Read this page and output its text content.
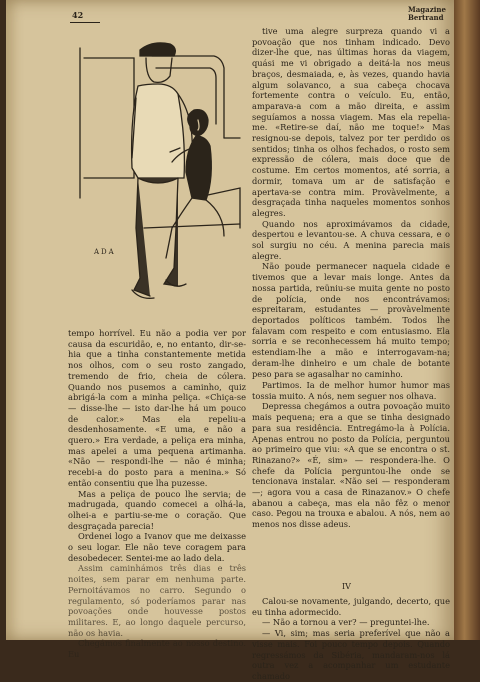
42
Magazine Bertrand
ADA

tive uma alegre surpreza quando vi a povoação que nos tinham indicado. Devo dizer-lhe que, nas últimas horas da viagem, quási me vi obrigado a deitá-la nos meus braços, desmaiada, e, às vezes, quando havia algum solavanco, a sua cabeça chocava fortemente contra o veículo. Eu, então, amparava-a com a mão direita, e assim seguíamos a nossa viagem. Mas ela repelia-me. «Retire-se daí, não me toque!» Mas resignou-se depois, talvez por ter perdido os sentidos; tinha os olhos fechados, o rosto sem expressão de cólera, mais doce que de costume. Em certos momentos, até sorria, a dormir, tomava um ar de satisfação e apertava-se contra mim. Provàvelmente, a desgraçada tinha naqueles momentos sonhos alegres.

Quando nos aproximávamos da cidade, despertou e levantou-se. A chuva cessara, e o sol surgiu no céu. A menina parecia mais alegre.

Não poude permanecer naquela cidade e tivemos que a levar mais longe. Antes da nossa partida, reüniu-se muita gente no posto de polícia, onde nos encontrávamos: espreitaram, estudantes — provàvelmente deportados políticos também. Todos lhe falavam com respeito e com entusiasmo. Ela sorria e se reconhecessem há muito tempo; estendiam-lhe a mão e interrogavam-na; deram-lhe dinheiro e um chale de botante peso para se agasalhar no caminho.

tempo horrível. Eu não a podia ver por causa da escuridão, e, no entanto, dir-se-hia que a tinha constantemente metida nos olhos, com o seu rosto zangado, tremendo de frio, cheia de cólera. Quando nos pusemos a caminho, quiz abrigá-la com a minha peliça. «Chiça-se — disse-lhe — isto dar-lhe há um pouco de calor.» Mas ela repeliu-a desdenhosamente. «E uma, e não a quero.» Era verdade, a peliça era minha, mas apelei a uma pequena artimanha. «Não — respondi-lhe — não é minha; recebi-a do posto para a menina.» Só então consentiu que lha puzesse.

Mas a peliça de pouco lhe servia; de madrugada, quando comecei a olhá-la, olhei-a e partiu-se-me o coração. Que desgraçada parecia!

Ordenei logo a Ivanov que me deixasse o seu logar. Ele não teve coragem para desobedecer. Sentei-me ao lado dela.

Assim caminhámos três dias e três noites, sem parar em nenhuma parte. Pernoitávamos no carro. Segundo o regulamento, só poderíamos parar nas povoações onde houvesse postos militares. E, ao longo daquele percurso, não os havia.

Chegámos finalmente ao nosso destino. Eu

Partimos. Ia de melhor humor humor mas tossia muito. A nós, nem seguer nos olhava.

Depressa chegámos a outra povoação muito mais pequena; era a que se tinha designado para sua residência. Entregámo-la à Polícia. Apenas entrou no posto da Polícia, perguntou ao primeiro que viu: «A que se encontra o st. Rinazano?» «É, sim» — respondera-lhe. O chefe da Polícia perguntou-lhe onde se tencionava instalar. «Não sei — responderam —; agora vou a casa de Rinazanov.» O chefe abanou a cabeça, mas ela não fêz o menor caso. Pegou na trouxa e abalou. A nós, nem ao menos nos disse adeus.

IV

Calou-se novamente, julgando, decerto, que eu tinha adormecido.

— Não a tornou a ver? — preguntei-lhe.

— Vi, sim; mas seria preferível que não a visse mais. Foi pouco tempo depois. Quando regressámos da Sibéria, mandaram-nos lá outra vez a acompanhar um estudante chamado
